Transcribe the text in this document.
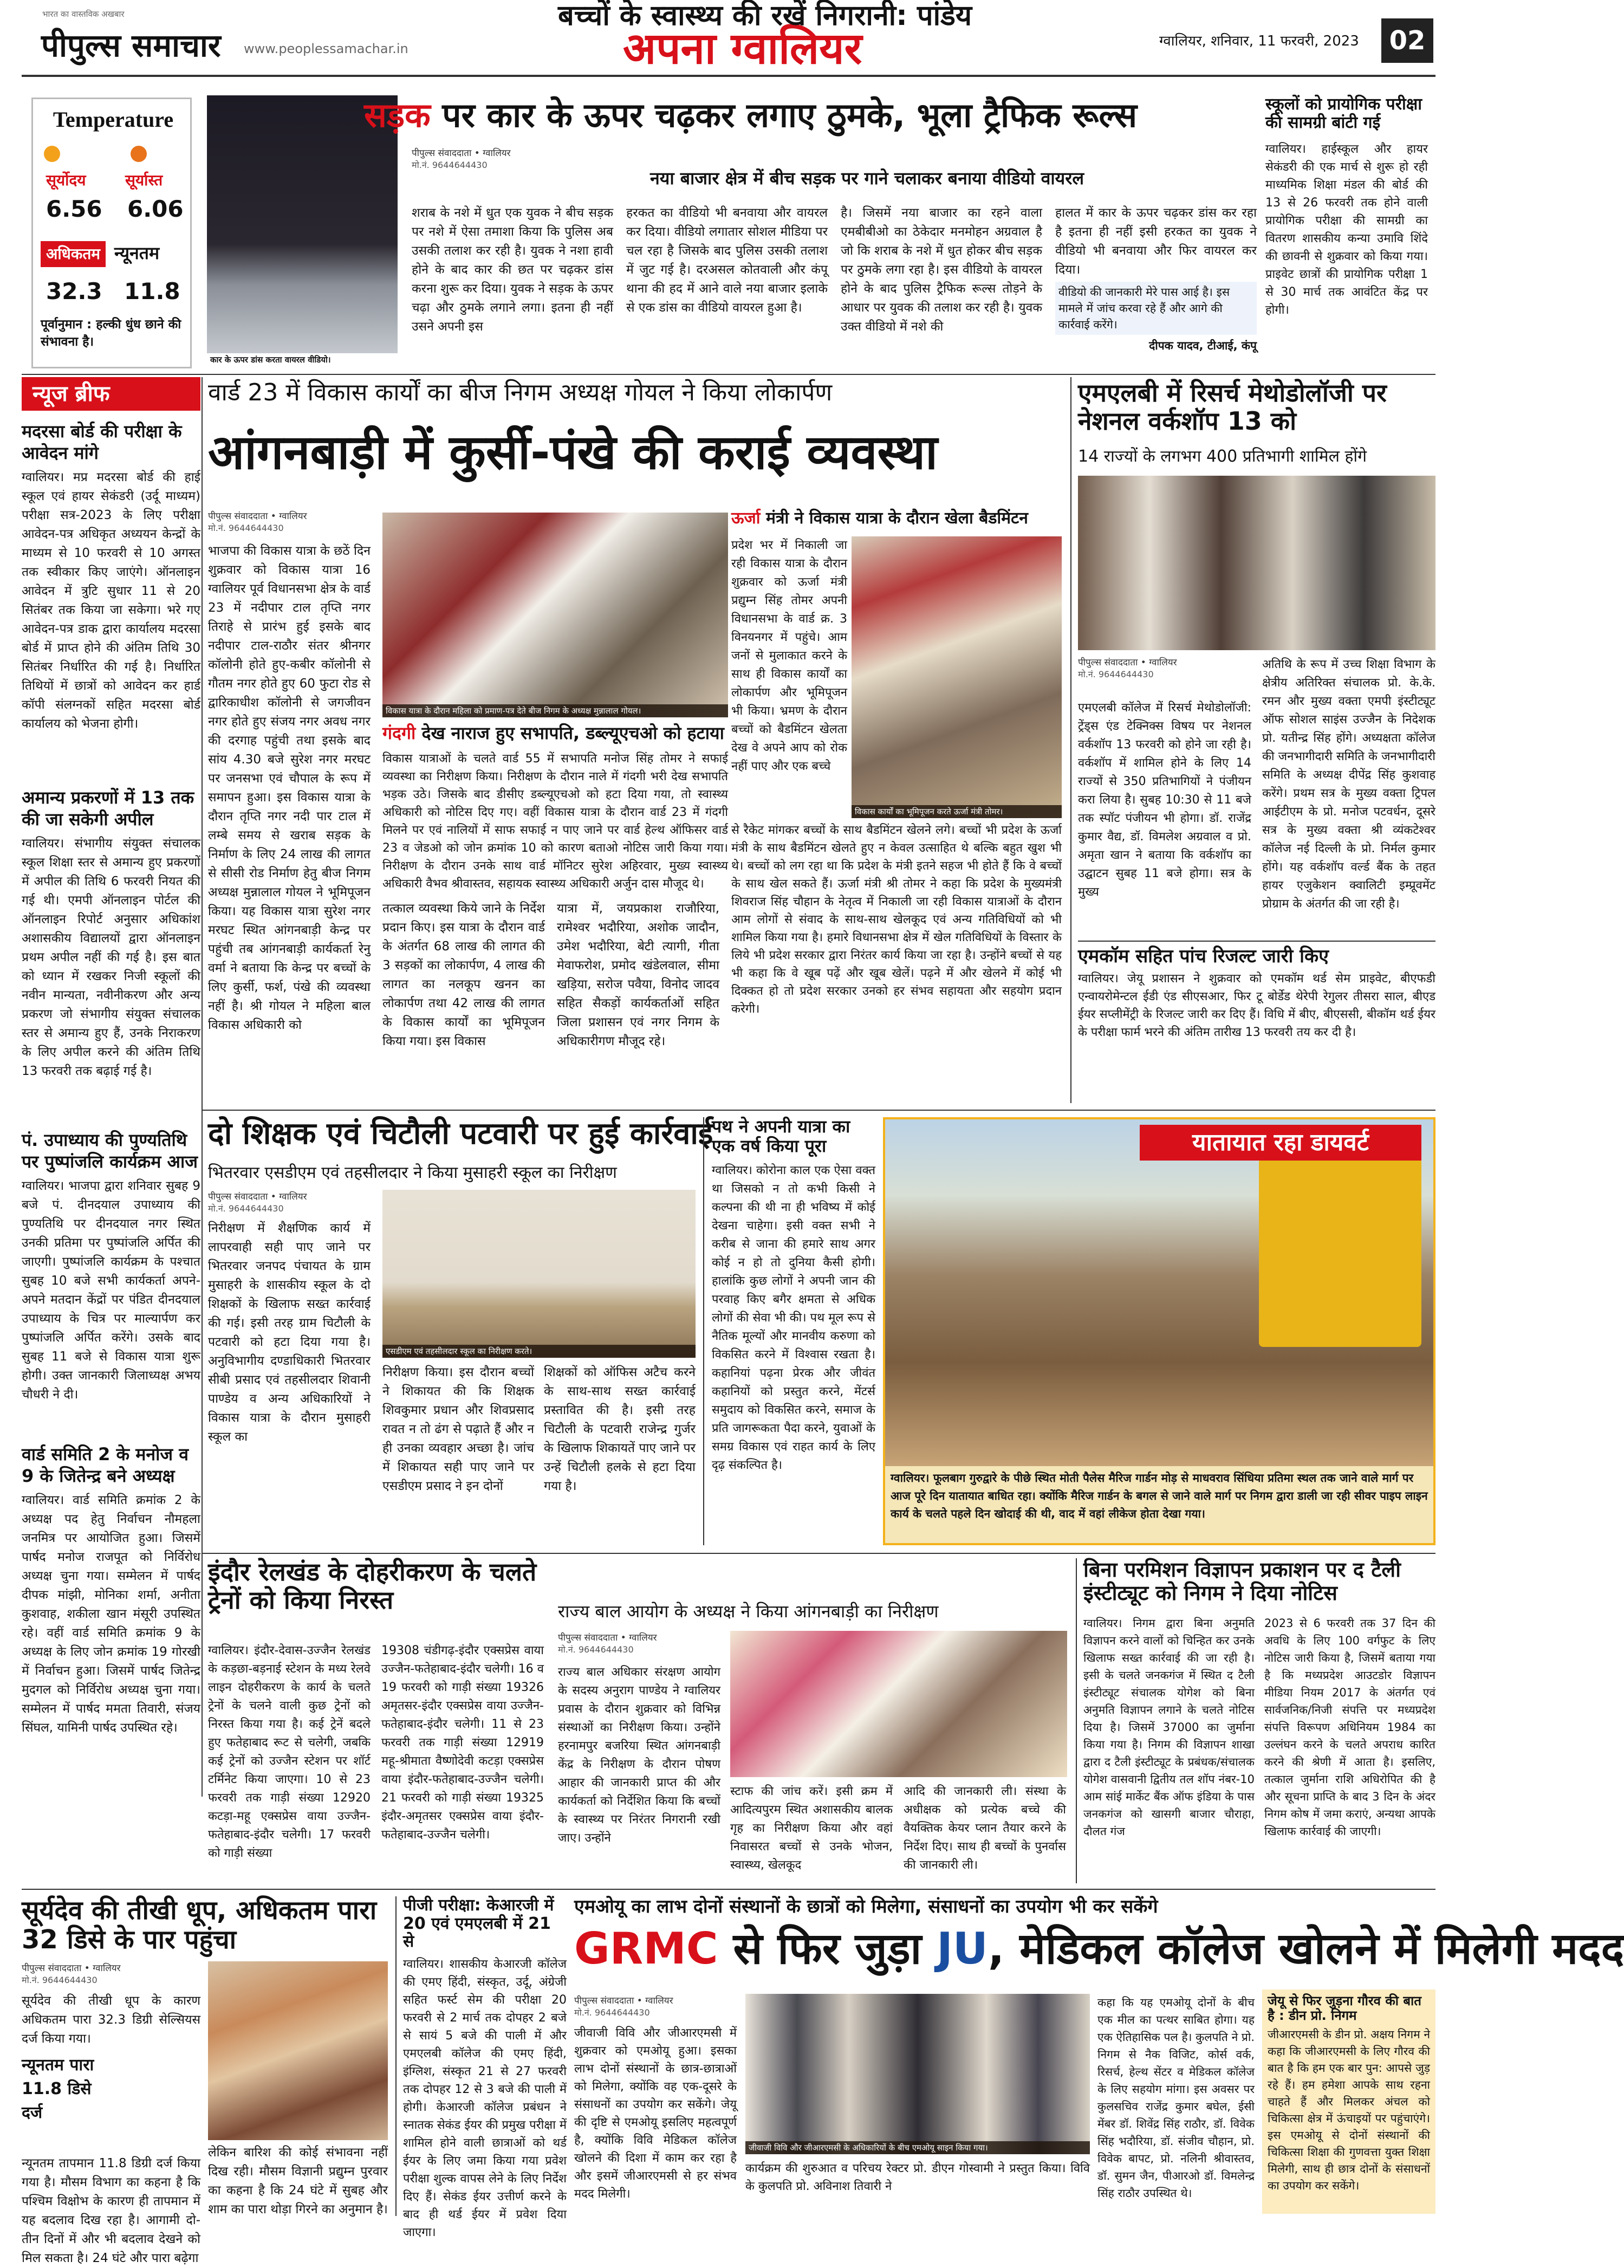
भारत का वास्तविक अखबार
पीपुल्स समाचार www.peoplessamachar.in	अपना ग्वालियर	ग्वालियर, शनिवार, 11 फरवरी, 2023	02
Temperature
सूर्योदय	सूर्यास्त
6.56 6.06
अधिकतम न्यूनतम
32.3 11.8
पूर्वानुमान : हल्की धुंध छाने की संभावना है।
कार के ऊपर डांस करता वायरल वीडियो।
सड़क पर कार के ऊपर चढ़कर लगाए ठुमके, भूला ट्रैफिक रूल्स
पीपुल्स संवाददाता • ग्वालियर
मो.नं. 9644644430
नया बाजार क्षेत्र में बीच सड़क पर गाने चलाकर बनाया वीडियो वायरल
शराब के नशे में धुत एक युवक ने बीच सड़क पर नशे में ऐसा तमाशा किया कि पुलिस अब उसकी तलाश कर रही है। युवक ने नशा हावी होने के बाद कार की छत पर चढ़कर डांस करना शुरू कर दिया। युवक ने सड़क के ऊपर चढ़ा और ठुमके लगाने लगा। इतना ही नहीं उसने अपनी इस
हरकत का वीडियो भी बनवाया और वायरल कर दिया। वीडियो लगातार सोशल मीडिया पर चल रहा है जिसके बाद पुलिस उसकी तलाश में जुट गई है। दरअसल कोतवाली और कंपू थाना की हद में आने वाले नया बाजार इलाके से एक डांस का वीडियो वायरल हुआ है।
है। जिसमें नया बाजार का रहने वाला एमबीबीओ का ठेकेदार मनमोहन अग्रवाल है जो कि शराब के नशे में धुत होकर बीच सड़क पर ठुमके लगा रहा है। इस वीडियो के वायरल होने के बाद पुलिस ट्रैफिक रूल्स तोड़ने के आधार पर युवक की तलाश कर रही है। युवक उक्त वीडियो में नशे की
हालत में कार के ऊपर चढ़कर डांस कर रहा है इतना ही नहीं इसी हरकत का युवक ने वीडियो भी बनवाया और फिर वायरल कर दिया।
वीडियो की जानकारी मेरे पास आई है। इस मामले में जांच करवा रहे हैं और आगे की कार्रवाई करेंगे।
दीपक यादव, टीआई, कंपू
स्कूलों को प्रायोगिक परीक्षा की सामग्री बांटी गई
ग्वालियर। हाईस्कूल और हायर सेकंडरी की एक मार्च से शुरू हो रही माध्यमिक शिक्षा मंडल की बोर्ड की 13 से 26 फरवरी तक होने वाली प्रायोगिक परीक्षा की सामग्री का वितरण शासकीय कन्या उमावि शिंदे की छावनी से शुक्रवार को किया गया। प्राइवेट छात्रों की प्रायोगिक परीक्षा 1 से 30 मार्च तक आवंटित केंद्र पर होगी।
न्यूज ब्रीफ
मदरसा बोर्ड की परीक्षा के आवेदन मांगे
ग्वालियर। मप्र मदरसा बोर्ड की हाई स्कूल एवं हायर सेकंडरी (उर्दू माध्यम) परीक्षा सत्र-2023 के लिए परीक्षा आवेदन-पत्र अधिकृत अध्ययन केन्द्रों के माध्यम से 10 फरवरी से 10 अगस्त तक स्वीकार किए जाएंगे। ऑनलाइन आवेदन में त्रुटि सुधार 11 से 20 सितंबर तक किया जा सकेगा। भरे गए आवेदन-पत्र डाक द्वारा कार्यालय मदरसा बोर्ड में प्राप्त होने की अंतिम तिथि 30 सितंबर निर्धारित की गई है। निर्धारित तिथियों में छात्रों को आवेदन कर हार्ड कॉपी संलग्नकों सहित मदरसा बोर्ड कार्यालय को भेजना होगी।
अमान्य प्रकरणों में 13 तक की जा सकेगी अपील
ग्वालियर। संभागीय संयुक्त संचालक स्कूल शिक्षा स्तर से अमान्य हुए प्रकरणों में अपील की तिथि 6 फरवरी नियत की गई थी। एमपी ऑनलाइन पोर्टल की ऑनलाइन रिपोर्ट अनुसार अधिकांश अशासकीय विद्यालयों द्वारा ऑनलाइन प्रथम अपील नहीं की गई है। इस बात को ध्यान में रखकर निजी स्कूलों की नवीन मान्यता, नवीनीकरण और अन्य प्रकरण जो संभागीय संयुक्त संचालक स्तर से अमान्य हुए हैं, उनके निराकरण के लिए अपील करने की अंतिम तिथि 13 फरवरी तक बढ़ाई गई है।
पं. उपाध्याय की पुण्यतिथि पर पुष्पांजलि कार्यक्रम आज
ग्वालियर। भाजपा द्वारा शनिवार सुबह 9 बजे पं. दीनदयाल उपाध्याय की पुण्यतिथि पर दीनदयाल नगर स्थित उनकी प्रतिमा पर पुष्पांजलि अर्पित की जाएगी। पुष्पांजलि कार्यक्रम के पश्चात सुबह 10 बजे सभी कार्यकर्ता अपने-अपने मतदान केंद्रों पर पंडित दीनदयाल उपाध्याय के चित्र पर माल्यार्पण कर पुष्पांजलि अर्पित करेंगे। उसके बाद सुबह 11 बजे से विकास यात्रा शुरू होगी। उक्त जानकारी जिलाध्यक्ष अभय चौधरी ने दी।
वार्ड समिति 2 के मनोज व 9 के जितेन्द्र बने अध्यक्ष
ग्वालियर। वार्ड समिति क्रमांक 2 के अध्यक्ष पद हेतु निर्वाचन नौमहला जनमित्र पर आयोजित हुआ। जिसमें पार्षद मनोज राजपूत को निर्विरोध अध्यक्ष चुना गया। सम्मेलन में पार्षद दीपक मांझी, मोनिका शर्मा, अनीता कुशवाह, शकीला खान मंसूरी उपस्थित रहे। वहीं वार्ड समिति क्रमांक 9 के अध्यक्ष के लिए जोन क्रमांक 19 गोरखी में निर्वाचन हुआ। जिसमें पार्षद जितेन्द्र मुदगल को निर्विरोध अध्यक्ष चुना गया। सम्मेलन में पार्षद ममता तिवारी, संजय सिंघल, यामिनी पार्षद उपस्थित रहे।
वार्ड 23 में विकास कार्यों का बीज निगम अध्यक्ष गोयल ने किया लोकार्पण
आंगनबाड़ी में कुर्सी-पंखे की कराई व्यवस्था
पीपुल्स संवाददाता • ग्वालियर
मो.नं. 9644644430
भाजपा की विकास यात्रा के छठें दिन शुक्रवार को विकास यात्रा 16 ग्वालियर पूर्व विधानसभा क्षेत्र के वार्ड 23 में नदीपार टाल तृप्ति नगर तिराहे से प्रारंभ हुई इसके बाद नदीपार टाल-राठौर संतर श्रीनगर कॉलोनी होते हुए-कबीर कॉलोनी से गौतम नगर होते हुए 60 फुटा रोड से द्वारिकाधीश कॉलोनी से जगजीवन नगर होते हुए संजय नगर अवध नगर की दरगाह पहुंची तथा इसके बाद सांय 4.30 बजे सुरेश नगर मरघट पर जनसभा एवं चौपाल के रूप में समापन हुआ। इस विकास यात्रा के दौरान तृप्ति नगर नदी पार टाल में लम्बे समय से खराब सड़क के निर्माण के लिए 24 लाख की लागत से सीसी रोड निर्माण हेतु बीज निगम अध्यक्ष मुन्नालाल गोयल ने भूमिपूजन किया। यह विकास यात्रा सुरेश नगर मरघट स्थित आंगनबाड़ी केन्द्र पर पहुंची तब आंगनबाड़ी कार्यकर्ता रेनु वर्मा ने बताया कि केन्द्र पर बच्चों के लिए कुर्सी, फर्श, पंखे की व्यवस्था नहीं है। श्री गोयल ने महिला बाल विकास अधिकारी को
विकास यात्रा के दौरान महिला को प्रमाण-पत्र देते बीज निगम के अध्यक्ष मुन्नालाल गोयल।
गंदगी देख नाराज हुए सभापति, डब्ल्यूएचओ को हटाया
विकास यात्राओं के चलते वार्ड 55 में सभापति मनोज सिंह तोमर ने सफाई व्यवस्था का निरीक्षण किया। निरीक्षण के दौरान नाले में गंदगी भरी देख सभापति भड़क उठे। जिसके बाद डीसीए डब्ल्यूएचओ को हटा दिया गया, तो स्वास्थ्य अधिकारी को नोटिस दिए गए। वहीं विकास यात्रा के दौरान वार्ड 23 में गंदगी मिलने पर एवं नालियों में साफ सफाई न पाए जाने पर वार्ड हेल्थ ऑफिसर वार्ड 23 व जेडओ को जोन क्रमांक 10 को कारण बताओ नोटिस जारी किया गया। निरीक्षण के दौरान उनके साथ वार्ड मॉनिटर सुरेश अहिरवार, मुख्य स्वास्थ्य अधिकारी वैभव श्रीवास्तव, सहायक स्वास्थ्य अधिकारी अर्जुन दास मौजूद थे।
तत्काल व्यवस्था किये जाने के निर्देश प्रदान किए। इस यात्रा के दौरान वार्ड के अंतर्गत 68 लाख की लागत की 3 सड़कों का लोकार्पण, 4 लाख की लागत का नलकूप खनन का लोकार्पण तथा 42 लाख की लागत के विकास कार्यों का भूमिपूजन किया गया। इस विकास
यात्रा में, जयप्रकाश राजौरिया, रामेश्वर भदौरिया, अशोक जादौन, उमेश भदौरिया, बेटी त्यागी, गीता मेवाफरोश, प्रमोद खंडेलवाल, सीमा खड़िया, सरोज पवैया, विनोद जादव सहित सैकड़ों कार्यकर्ताओं सहित जिला प्रशासन एवं नगर निगम के अधिकारीगण मौजूद रहे।
ऊर्जा मंत्री ने विकास यात्रा के दौरान खेला बैडमिंटन
प्रदेश भर में निकाली जा रही विकास यात्रा के दौरान शुक्रवार को ऊर्जा मंत्री प्रद्युम्न सिंह तोमर अपनी विधानसभा के वार्ड क्र. 3 विनयनगर में पहुंचे। आम जनों से मुलाकात करने के साथ ही विकास कार्यों का लोकार्पण और भूमिपूजन भी किया। भ्रमण के दौरान बच्चों को बैडमिंटन खेलता देख वे अपने आप को रोक नहीं पाए और एक बच्चे
विकास कार्यों का भूमिपूजन करते ऊर्जा मंत्री तोमर।
से रैकेट मांगकर बच्चों के साथ बैडमिंटन खेलने लगे। बच्चों भी प्रदेश के ऊर्जा मंत्री के साथ बैडमिंटन खेलते हुए न केवल उत्साहित थे बल्कि बहुत खुश भी थे। बच्चों को लग रहा था कि प्रदेश के मंत्री इतने सहज भी होते हैं कि वे बच्चों के साथ खेल सकते हैं। ऊर्जा मंत्री श्री तोमर ने कहा कि प्रदेश के मुख्यमंत्री शिवराज सिंह चौहान के नेतृत्व में निकाली जा रही विकास यात्राओं के दौरान आम लोगों से संवाद के साथ-साथ खेलकूद एवं अन्य गतिविधियों को भी शामिल किया गया है। हमारे विधानसभा क्षेत्र में खेल गतिविधियों के विस्तार के लिये भी प्रदेश सरकार द्वारा निरंतर कार्य किया जा रहा है। उन्होंने बच्चों से यह भी कहा कि वे खूब पढ़ें और खूब खेलें। पढ़ने में और खेलने में कोई भी दिक्कत हो तो प्रदेश सरकार उनको हर संभव सहायता और सहयोग प्रदान करेगी।
एमएलबी में रिसर्च मेथोडोलॉजी पर नेशनल वर्कशॉप 13 को
14 राज्यों के लगभग 400 प्रतिभागी शामिल होंगे
पीपुल्स संवाददाता • ग्वालियर
मो.नं. 9644644430
एमएलबी कॉलेज में रिसर्च मेथोडोलॉजी: ट्रेंड्स एंड टेक्निक्स विषय पर नेशनल वर्कशॉप 13 फरवरी को होने जा रही है। वर्कशॉप में शामिल होने के लिए 14 राज्यों से 350 प्रतिभागियों ने पंजीयन करा लिया है। सुबह 10:30 से 11 बजे तक स्पॉट पंजीयन भी होगा। डॉ. राजेंद्र कुमार वैद्य, डॉ. विमलेश अग्रवाल व प्रो. अमृता खान ने बताया कि वर्कशॉप का उद्घाटन सुबह 11 बजे होगा। सत्र के मुख्य
अतिथि के रूप में उच्च शिक्षा विभाग के क्षेत्रीय अतिरिक्त संचालक प्रो. के.के. रमन और मुख्य वक्ता एमपी इंस्टीट्यूट ऑफ सोशल साइंस उज्जैन के निदेशक प्रो. यतीन्द्र सिंह होंगे। अध्यक्षता कॉलेज की जनभागीदारी समिति के जनभागीदारी समिति के अध्यक्ष दीपेंद्र सिंह कुशवाह करेंगे। प्रथम सत्र के मुख्य वक्ता ट्रिपल आईटीएम के प्रो. मनोज पटवर्धन, दूसरे सत्र के मुख्य वक्ता श्री व्यंकटेश्वर कॉलेज नई दिल्ली के प्रो. निर्मल कुमार होंगे। यह वर्कशॉप वर्ल्ड बैंक के तहत हायर एजुकेशन क्वालिटी इम्प्रूवमेंट प्रोग्राम के अंतर्गत की जा रही है।
एमकॉम सहित पांच रिजल्ट जारी किए
ग्वालियर। जेयू प्रशासन ने शुक्रवार को एमकॉम थर्ड सेम प्राइवेट, बीएफडी एन्वायरोमेन्टल ईडी एंड सीएसआर, फिर टू बोर्डेड थेरेपी रेगुलर तीसरा साल, बीएड ईयर सप्लीमेंट्री के रिजल्ट जारी कर दिए हैं। विधि में बीए, बीएससी, बीकॉम थर्ड ईयर के परीक्षा फार्म भरने की अंतिम तारीख 13 फरवरी तय कर दी है।
दो शिक्षक एवं चिटौली पटवारी पर हुई कार्रवाई
भितरवार एसडीएम एवं तहसीलदार ने किया मुसाहरी स्कूल का निरीक्षण
पीपुल्स संवाददाता • ग्वालियर
मो.नं. 9644644430
निरीक्षण में शैक्षणिक कार्य में लापरवाही सही पाए जाने पर भितरवार जनपद पंचायत के ग्राम मुसाहरी के शासकीय स्कूल के दो शिक्षकों के खिलाफ सख्त कार्रवाई की गई। इसी तरह ग्राम चिटौली के पटवारी को हटा दिया गया है। अनुविभागीय दण्डाधिकारी भितरवार सीबी प्रसाद एवं तहसीलदार शिवानी पाण्डेय व अन्य अधिकारियों ने विकास यात्रा के दौरान मुसाहरी स्कूल का
एसडीएम एवं तहसीलदार स्कूल का निरीक्षण करते।
निरीक्षण किया। इस दौरान बच्चों ने शिकायत की कि शिक्षक शिवकुमार प्रधान और शिवप्रसाद रावत न तो ढंग से पढ़ाते हैं और न ही उनका व्यवहार अच्छा है। जांच में शिकायत सही पाए जाने पर एसडीएम प्रसाद ने इन दोनों
शिक्षकों को ऑफिस अटैच करने के साथ-साथ सख्त कार्रवाई प्रस्तावित की है। इसी तरह चिटौली के पटवारी राजेन्द्र गुर्जर के खिलाफ शिकायतें पाए जाने पर उन्हें चिटौली हलके से हटा दिया गया है।
पथ ने अपनी यात्रा का एक वर्ष किया पूरा
ग्वालियर। कोरोना काल एक ऐसा वक्त था जिसको न तो कभी किसी ने कल्पना की थी ना ही भविष्य में कोई देखना चाहेगा। इसी वक्त सभी ने करीब से जाना की हमारे साथ अगर कोई न हो तो दुनिया कैसी होगी। हालांकि कुछ लोगों ने अपनी जान की परवाह किए बगैर क्षमता से अधिक लोगों की सेवा भी की। पथ मूल रूप से नैतिक मूल्यों और मानवीय करुणा को विकसित करने में विश्वास रखता है। कहानियां पढ़ना प्रेरक और जीवंत कहानियों को प्रस्तुत करने, मेंटर्स समुदाय को विकसित करने, समाज के प्रति जागरूकता पैदा करने, युवाओं के समग्र विकास एवं राहत कार्य के लिए दृढ़ संकल्पित है।
यातायात रहा डायवर्ट
ग्वालियर। फूलबाग गुरुद्वारे के पीछे स्थित मोती पैलेस मैरिज गार्डन मोड़ से माधवराव सिंधिया प्रतिमा स्थल तक जाने वाले मार्ग पर आज पूरे दिन यातायात बाधित रहा। क्योंकि मैरिज गार्डन के बगल से जाने वाले मार्ग पर निगम द्वारा डाली जा रही सीवर पाइप लाइन कार्य के चलते पहले दिन खोदाई की थी, वाद में वहां लीकेज होता देखा गया।
इंदौर रेलखंड के दोहरीकरण के चलते ट्रेनों को किया निरस्त
ग्वालियर। इंदौर-देवास-उज्जैन रेलखंड के कड़छा-बड़नाई स्टेशन के मध्य रेलवे लाइन दोहरीकरण के कार्य के चलते ट्रेनों के चलने वाली कुछ ट्रेनों को निरस्त किया गया है। कई ट्रेनें बदले हुए फतेहाबाद रूट से चलेगी, जबकि कई ट्रेनों को उज्जैन स्टेशन पर शॉर्ट टर्मिनेट किया जाएगा। 10 से 23 फरवरी तक गाड़ी संख्या 12920 कटड़ा-महू एक्सप्रेस वाया उज्जैन-फतेहाबाद-इंदौर चलेगी। 17 फरवरी को गाड़ी संख्या
19308 चंडीगढ़-इंदौर एक्सप्रेस वाया उज्जैन-फतेहाबाद-इंदौर चलेगी। 16 व 19 फरवरी को गाड़ी संख्या 19326 अमृतसर-इंदौर एक्सप्रेस वाया उज्जैन-फतेहाबाद-इंदौर चलेगी। 11 से 23 फरवरी तक गाड़ी संख्या 12919 महू-श्रीमाता वैष्णोदेवी कटड़ा एक्सप्रेस वाया इंदौर-फतेहाबाद-उज्जैन चलेगी। 21 फरवरी को गाड़ी संख्या 19325 इंदौर-अमृतसर एक्सप्रेस वाया इंदौर-फतेहाबाद-उज्जैन चलेगी।
बच्चों के स्वास्थ्य की रखें निगरानी: पांडेय
राज्य बाल आयोग के अध्यक्ष ने किया आंगनबाड़ी का निरीक्षण
पीपुल्स संवाददाता • ग्वालियर
मो.नं. 9644644430
राज्य बाल अधिकार संरक्षण आयोग के सदस्य अनुराग पाण्डेय ने ग्वालियर प्रवास के दौरान शुक्रवार को विभिन्न संस्थाओं का निरीक्षण किया। उन्होंने हरनामपुर बजरिया स्थित आंगनबाड़ी केंद्र के निरीक्षण के दौरान पोषण आहार की जानकारी प्राप्त की और कार्यकर्ता को निर्देशित किया कि बच्चों के स्वास्थ्य पर निरंतर निगरानी रखी जाए। उन्होंने
स्टाफ की जांच करें। इसी क्रम में आदित्यपुरम स्थित अशासकीय बालक गृह का निरीक्षण किया और वहां निवासरत बच्चों से उनके भोजन, स्वास्थ्य, खेलकूद
आदि की जानकारी ली। संस्था के अधीक्षक को प्रत्येक बच्चे की वैयक्तिक केयर प्लान तैयार करने के निर्देश दिए। साथ ही बच्चों के पुनर्वास की जानकारी ली।
बिना परमिशन विज्ञापन प्रकाशन पर द टैली इंस्टीट्यूट को निगम ने दिया नोटिस
ग्वालियर। निगम द्वारा बिना अनुमति विज्ञापन करने वालों को चिन्हित कर उनके खिलाफ सख्त कार्रवाई की जा रही है। इसी के चलते जनकगंज में स्थित द टैली इंस्टीट्यूट संचालक योगेश को बिना अनुमति विज्ञापन लगाने के चलते नोटिस दिया है। जिसमें 37000 का जुर्माना किया गया है। निगम की विज्ञापन शाखा द्वारा द टैली इंस्टीट्यूट के प्रबंधक/संचालक योगेश वासवानी द्वितीय तल शॉप नंबर-10 आम सांई मार्केट बैंक ऑफ इंडिया के पास जनकगंज को खासगी बाजार चौराहा, दौलत गंज
2023 से 6 फरवरी तक 37 दिन की अवधि के लिए 100 वर्गफुट के लिए नोटिस जारी किया है, जिसमें बताया गया है कि मध्यप्रदेश आउटडोर विज्ञापन मीडिया नियम 2017 के अंतर्गत एवं सार्वजनिक/निजी संपत्ति पर मध्यप्रदेश संपत्ति विरूपण अधिनियम 1984 का उल्लंघन करने के चलते अपराध कारित करने की श्रेणी में आता है। इसलिए, तत्काल जुर्माना राशि अधिरोपित की है और सूचना प्राप्ति के बाद 3 दिन के अंदर निगम कोष में जमा कराएं, अन्यथा आपके खिलाफ कार्रवाई की जाएगी।
सूर्यदेव की तीखी धूप, अधिकतम पारा 32 डिसे के पार पहुंचा
पीपुल्स संवाददाता • ग्वालियर
मो.नं. 9644644430
सूर्यदेव की तीखी धूप के कारण अधिकतम पारा 32.3 डिग्री सेल्सियस दर्ज किया गया।
न्यूनतम पारा 11.8 डिसे दर्ज
न्यूनतम तापमान 11.8 डिग्री दर्ज किया गया है। मौसम विभाग का कहना है कि पश्चिम विक्षोभ के कारण ही तापमान में यह बदलाव दिख रहा है। आगामी दो-तीन दिनों में और भी बदलाव देखने को मिल सकता है। 24 घंटे और पारा बढ़ेगा
लेकिन बारिश की कोई संभावना नहीं दिख रही। मौसम विज्ञानी प्रद्युम्न पुरवार का कहना है कि 24 घंटे में सुबह और शाम का पारा थोड़ा गिरने का अनुमान है।
पीजी परीक्षा: केआरजी में 20 एवं एमएलबी में 21 से
ग्वालियर। शासकीय केआरजी कॉलेज की एमए हिंदी, संस्कृत, उर्दू, अंग्रेजी सहित फर्स्ट सेम की परीक्षा 20 फरवरी से 2 मार्च तक दोपहर 2 बजे से सायं 5 बजे की पाली में और एमएलबी कॉलेज की एमए हिंदी, इंग्लिश, संस्कृत 21 से 27 फरवरी तक दोपहर 12 से 3 बजे की पाली में होगी। केआरजी कॉलेज प्रबंधन ने स्नातक सेकंड ईयर की प्रमुख परीक्षा में शामिल होने वाली छात्राओं को थर्ड ईयर के लिए जमा किया गया प्रवेश परीक्षा शुल्क वापस लेने के लिए निर्देश दिए हैं। सेकंड ईयर उत्तीर्ण करने के बाद ही थर्ड ईयर में प्रवेश दिया जाएगा।
एमओयू का लाभ दोनों संस्थानों के छात्रों को मिलेगा, संसाधनों का उपयोग भी कर सकेंगे
GRMC से फिर जुड़ा JU, मेडिकल कॉलेज खोलने में मिलेगी मदद
पीपुल्स संवाददाता • ग्वालियर
मो.नं. 9644644430
जीवाजी विवि और जीआरएमसी में शुक्रवार को एमओयू हुआ। इसका लाभ दोनों संस्थानों के छात्र-छात्राओं को मिलेगा, क्योंकि वह एक-दूसरे के संसाधनों का उपयोग कर सकेंगे। जेयू की दृष्टि से एमओयू इसलिए महत्वपूर्ण है, क्योंकि विवि मेडिकल कॉलेज खोलने की दिशा में काम कर रहा है और इसमें जीआरएमसी से हर संभव मदद मिलेगी।
जीवाजी विवि और जीआरएमसी के अधिकारियों के बीच एमओयू साइन किया गया।
कार्यक्रम की शुरुआत व परिचय रेक्टर प्रो. डीएन गोस्वामी ने प्रस्तुत किया। विवि के कुलपति प्रो. अविनाश तिवारी ने
कहा कि यह एमओयू दोनों के बीच एक मील का पत्थर साबित होगा। यह एक ऐतिहासिक पल है। कुलपति ने प्रो. निगम से नैक विजिट, कोर्स वर्क, रिसर्च, हेल्थ सेंटर व मेडिकल कॉलेज के लिए सहयोग मांगा। इस अवसर पर कुलसचिव राजेंद्र कुमार बघेल, ईसी मेंबर डॉ. शिवेंद्र सिंह राठौर, डॉ. विवेक सिंह भदौरिया, डॉ. संजीव चौहान, प्रो. विवेक बापट, प्रो. नलिनी श्रीवास्तव, डॉ. सुमन जैन, पीआरओ डॉ. विमलेन्द्र सिंह राठौर उपस्थित थे।
जेयू से फिर जुड़ना गौरव की बात है : डीन प्रो. निगम
जीआरएमसी के डीन प्रो. अक्षय निगम ने कहा कि जीआरएमसी के लिए गौरव की बात है कि हम एक बार पुन: आपसे जुड़ रहे हैं। हम हमेशा आपके साथ रहना चाहते हैं और मिलकर अंचल को चिकित्सा क्षेत्र में ऊंचाइयों पर पहुंचाएंगे। इस एमओयू से दोनों संस्थानों की चिकित्सा शिक्षा की गुणवत्ता युक्त शिक्षा मिलेगी, साथ ही छात्र दोनों के संसाधनों का उपयोग कर सकेंगे।
